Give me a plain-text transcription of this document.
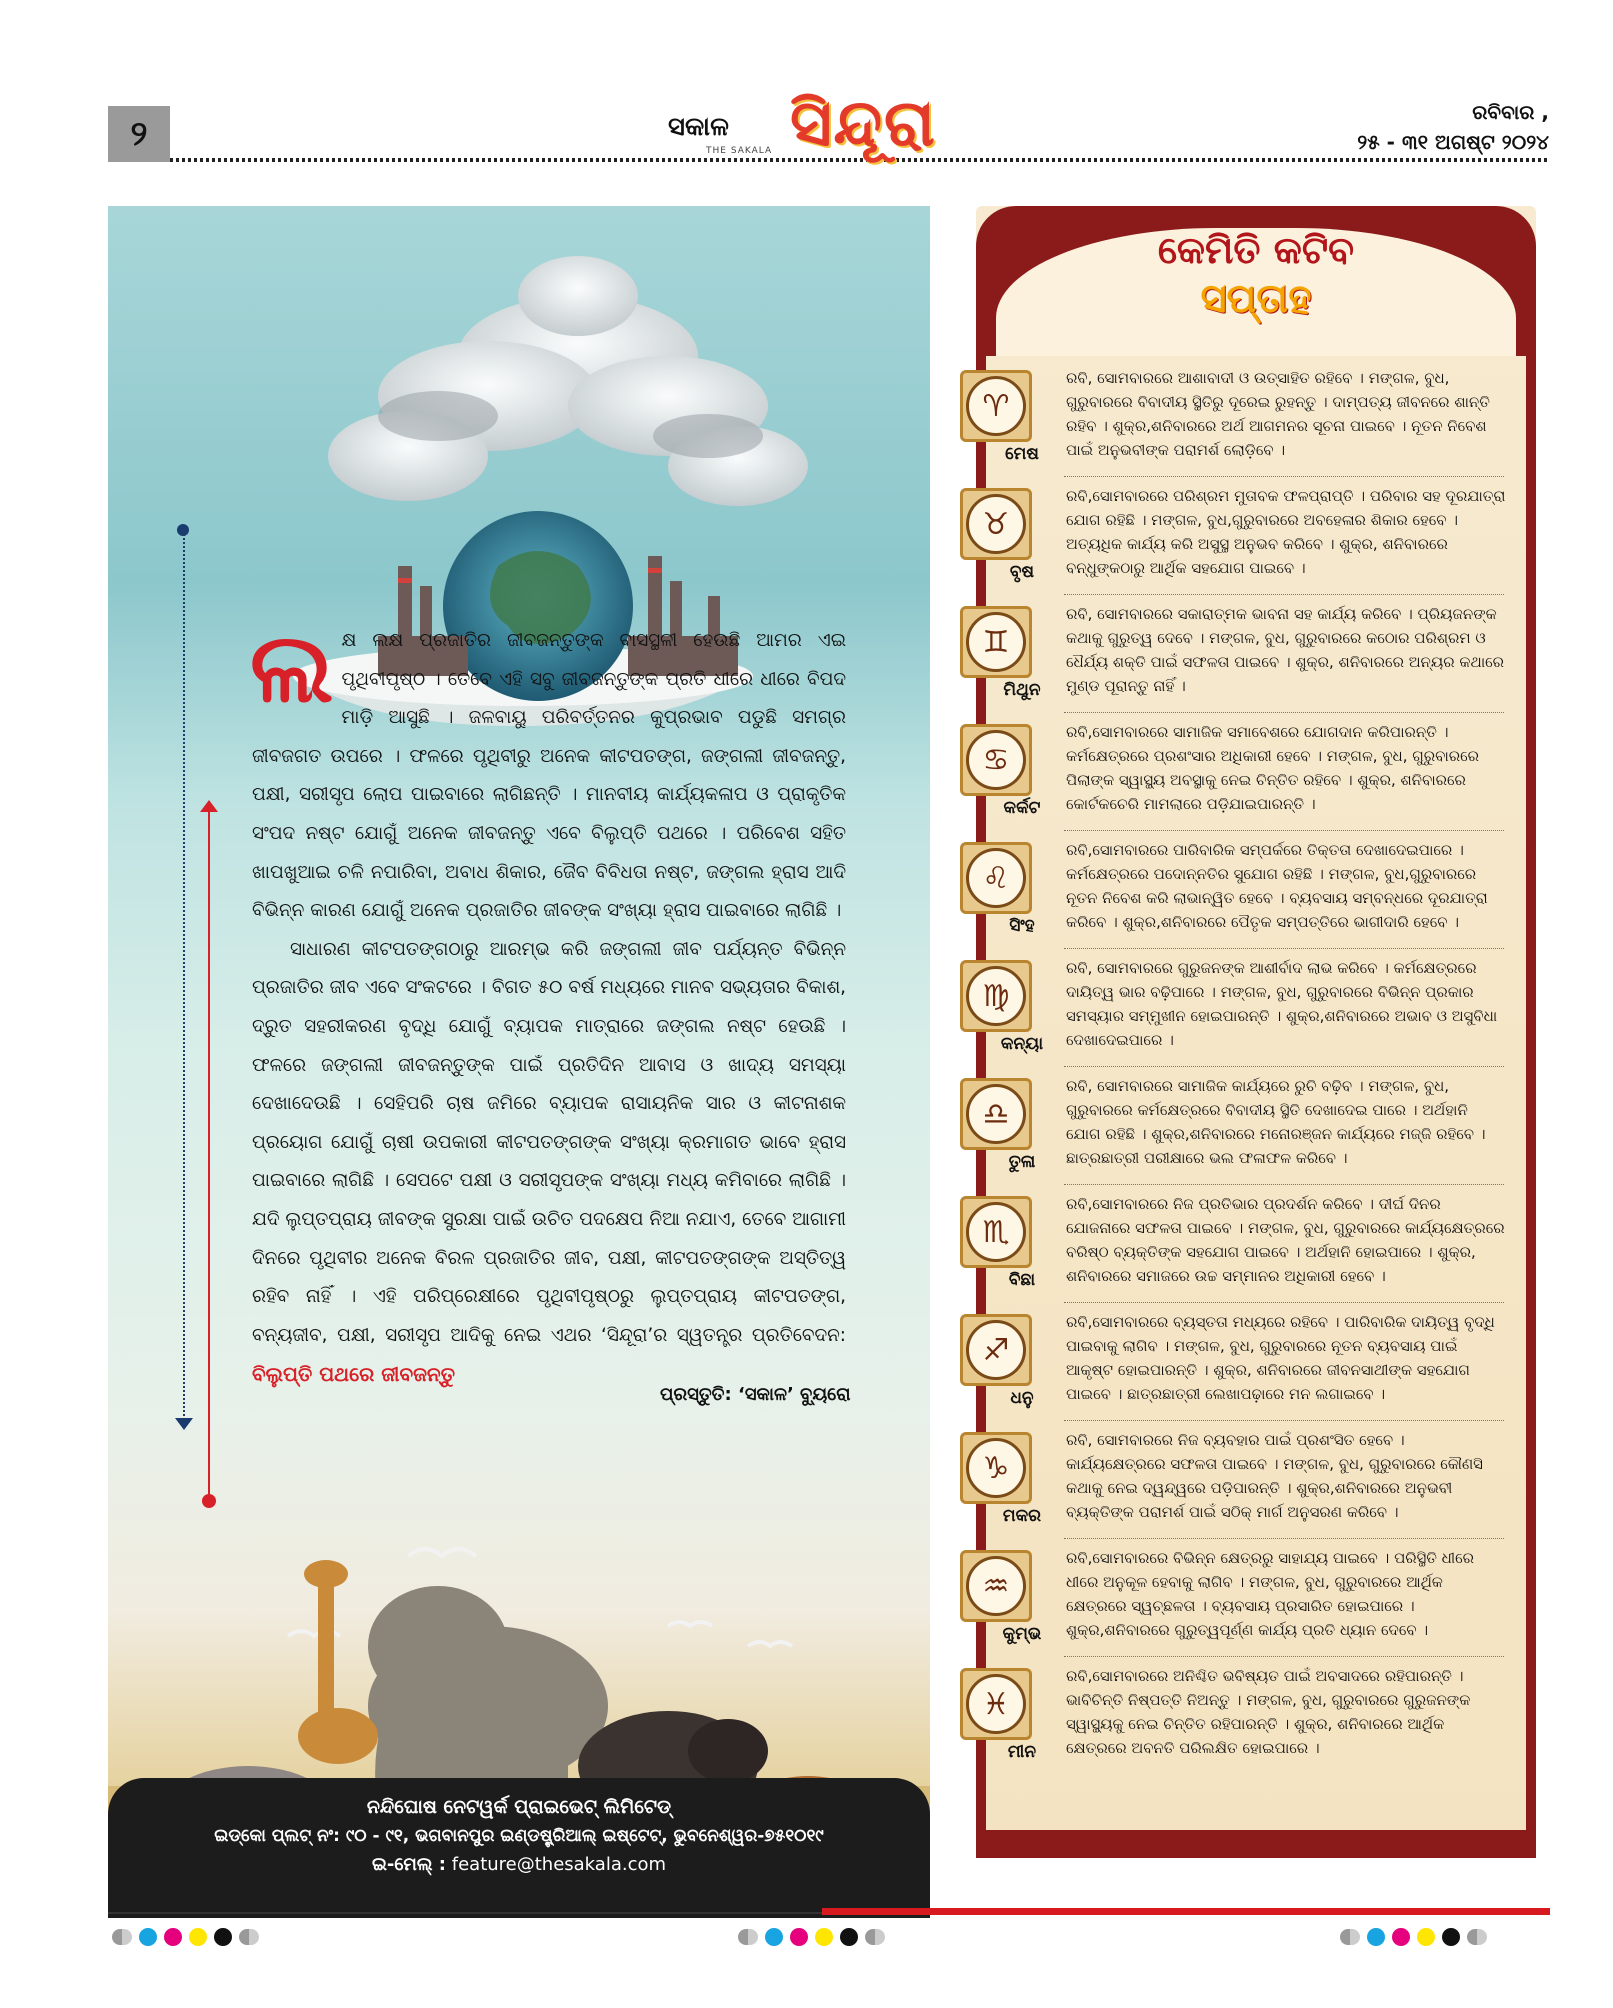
୨	ସକାଳ
THE SAKALA ସିନ୍ଦୂରା	ରବିବାର ,
୨୫ - ୩୧ ଅଗଷ୍ଟ ୨୦୨୪

ଲ କ୍ଷ ଲକ୍ଷ ପ୍ରଜାତିର ଜୀବଜନ୍ତୁଙ୍କ ବାସସ୍ଥଳୀ ହେଉଛି ଆମର ଏଇ ପୃଥିବୀପୃଷ୍ଠ । ତେବେ ଏହି ସବୁ ଜୀବଜନ୍ତୁଙ୍କ ପ୍ରତି ଧୀରେ ଧୀରେ ବିପଦ ମାଡ଼ି ଆସୁଛି । ଜଳବାୟୁ ପରିବର୍ତ୍ତନର କୁପ୍ରଭାବ ପଡୁଛି ସମଗ୍ର ଜୀବଜଗତ ଉପରେ । ଫଳରେ ପୃଥିବୀରୁ ଅନେକ କୀଟପତଙ୍ଗ, ଜଙ୍ଗଲୀ ଜୀବଜନ୍ତୁ, ପକ୍ଷୀ, ସରୀସୃପ ଲୋପ ପାଇବାରେ ଲାଗିଛନ୍ତି । ମାନବୀୟ କାର୍ଯ୍ୟକଳାପ ଓ ପ୍ରାକୃତିକ ସଂପଦ ନଷ୍ଟ ଯୋଗୁଁ ଅନେକ ଜୀବଜନ୍ତୁ ଏବେ ବିଲୁପ୍ତି ପଥରେ । ପରିବେଶ ସହିତ ଖାପଖୁଆଇ ଚଳି ନପାରିବା, ଅବାଧ ଶିକାର, ଜୈବ ବିବିଧତା ନଷ୍ଟ, ଜଙ୍ଗଲ ହ୍ରାସ ଆଦି ବିଭିନ୍ନ କାରଣ ଯୋଗୁଁ ଅନେକ ପ୍ରଜାତିର ଜୀବଙ୍କ ସଂଖ୍ୟା ହ୍ରାସ ପାଇବାରେ ଲାଗିଛି ।

ସାଧାରଣ କୀଟପତଙ୍ଗଠାରୁ ଆରମ୍ଭ କରି ଜଙ୍ଗଲୀ ଜୀବ ପର୍ଯ୍ୟନ୍ତ ବିଭିନ୍ନ ପ୍ରଜାତିର ଜୀବ ଏବେ ସଂକଟରେ । ବିଗତ ୫୦ ବର୍ଷ ମଧ୍ୟରେ ମାନବ ସଭ୍ୟତାର ବିକାଶ, ଦ୍ରୁତ ସହରୀକରଣ ବୃଦ୍ଧି ଯୋଗୁଁ ବ୍ୟାପକ ମାତ୍ରାରେ ଜଙ୍ଗଲ ନଷ୍ଟ ହେଉଛି । ଫଳରେ ଜଙ୍ଗଲୀ ଜୀବଜନ୍ତୁଙ୍କ ପାଇଁ ପ୍ରତିଦିନ ଆବାସ ଓ ଖାଦ୍ୟ ସମସ୍ୟା ଦେଖାଦେଉଛି । ସେହିପରି ଚାଷ ଜମିରେ ବ୍ୟାପକ ରାସାୟନିକ ସାର ଓ କୀଟନାଶକ ପ୍ରୟୋଗ ଯୋଗୁଁ ଚାଷୀ ଉପକାରୀ କୀଟପତଙ୍ଗଙ୍କ ସଂଖ୍ୟା କ୍ରମାଗତ ଭାବେ ହ୍ରାସ ପାଇବାରେ ଲାଗିଛି । ସେପଟେ ପକ୍ଷୀ ଓ ସରୀସୃପଙ୍କ ସଂଖ୍ୟା ମଧ୍ୟ କମିବାରେ ଲାଗିଛି । ଯଦି ଲୁପ୍ତପ୍ରାୟ ଜୀବଙ୍କ ସୁରକ୍ଷା ପାଇଁ ଉଚିତ ପଦକ୍ଷେପ ନିଆ ନଯାଏ, ତେବେ ଆଗାମୀ ଦିନରେ ପୃଥିବୀର ଅନେକ ବିରଳ ପ୍ରଜାତିର ଜୀବ, ପକ୍ଷୀ, କୀଟପତଙ୍ଗଙ୍କ ଅସ୍ତିତ୍ୱ ରହିବ ନାହିଁ । ଏହି ପରିପ୍ରେକ୍ଷୀରେ ପୃଥିବୀପୃଷ୍ଠରୁ ଲୁପ୍ତପ୍ରାୟ କୀଟପତଙ୍ଗ, ବନ୍ୟଜୀବ, ପକ୍ଷୀ, ସରୀସୃପ ଆଦିକୁ ନେଇ ଏଥର ‘ସିନ୍ଦୂରା’ର ସ୍ୱତନ୍ତ୍ର ପ୍ରତିବେଦନ: ବିଲୁପ୍ତି ପଥରେ ଜୀବଜନ୍ତୁ

ପ୍ରସ୍ତୁତି: ‘ସକାଳ’ ବ୍ୟୁରୋ
ନନ୍ଦିଘୋଷ ନେଟୱର୍କ ପ୍ରାଇଭେଟ୍ ଲିମିଟେଡ୍
ଇଡ୍‌କୋ ପ୍ଲଟ୍ ନଂ: ୯୦ - ୯୧, ଭଗବାନପୁର ଇଣ୍ଡଷ୍ଟ୍ରିଆଲ୍ ଇଷ୍ଟେଟ୍, ଭୁବନେଶ୍ୱର-୭୫୧୦୧୯
ଇ-ମେଲ୍ : feature@thesakala.com
କେମିତି କଟିବ
ସପ୍ତାହ
♈
ମେଷ
ରବି, ସୋମବାରରେ ଆଶାବାଦୀ ଓ ଉତ୍ସାହିତ ରହିବେ । ମଙ୍ଗଳ, ବୁଧ, ଗୁରୁବାରରେ ବିବାଦୀୟ ସ୍ଥିତିରୁ ଦୂରେଇ ରୁହନ୍ତୁ । ଦାମ୍ପତ୍ୟ ଜୀବନରେ ଶାନ୍ତି ରହିବ । ଶୁକ୍ର,ଶନିବାରରେ ଅର୍ଥ ଆଗମନର ସୂଚନା ପାଇବେ । ନୂତନ ନିବେଶ ପାଇଁ ଅନୁଭବୀଙ୍କ ପରାମର୍ଶ ଲୋଡ଼ିବେ ।
♉
ବୃଷ
ରବି,ସୋମବାରରେ ପରିଶ୍ରମ ମୁତାବକ ଫଳପ୍ରାପ୍ତି । ପରିବାର ସହ ଦୂରଯାତ୍ରା ଯୋଗ ରହିଛି । ମଙ୍ଗଳ, ବୁଧ,ଗୁରୁବାରରେ ଅବହେଳାର ଶିକାର ହେବେ । ଅତ୍ୟଧିକ କାର୍ଯ୍ୟ କରି ଅସୁସ୍ଥ ଅନୁଭବ କରିବେ । ଶୁକ୍ର, ଶନିବାରରେ ବନ୍ଧୁଙ୍କଠାରୁ ଆର୍ଥିକ ସହଯୋଗ ପାଇବେ ।
♊
ମିଥୁନ
ରବି, ସୋମବାରରେ ସକାରାତ୍ମକ ଭାବନା ସହ କାର୍ଯ୍ୟ କରିବେ । ପ୍ରିୟଜନଙ୍କ କଥାକୁ ଗୁରୁତ୍ୱ ଦେବେ । ମଙ୍ଗଳ, ବୁଧ, ଗୁରୁବାରରେ କଠୋର ପରିଶ୍ରମ ଓ ଧୈର୍ଯ୍ୟ ଶକ୍ତି ପାଇଁ ସଫଳତା ପାଇବେ । ଶୁକ୍ର, ଶନିବାରରେ ଅନ୍ୟର କଥାରେ ମୁଣ୍ଡ ପୂରାନ୍ତୁ ନାହିଁ ।
♋
କର୍କଟ
ରବି,ସୋମବାରରେ ସାମାଜିକ ସମାବେଶରେ ଯୋଗଦାନ କରିପାରନ୍ତି । କର୍ମକ୍ଷେତ୍ରରେ ପ୍ରଶଂସାର ଅଧିକାରୀ ହେବେ । ମଙ୍ଗଳ, ବୁଧ, ଗୁରୁବାରରେ ପିଲାଙ୍କ ସ୍ୱାସ୍ଥ୍ୟ ଅବସ୍ଥାକୁ ନେଇ ଚିନ୍ତିତ ରହିବେ । ଶୁକ୍ର, ଶନିବାରରେ କୋର୍ଟକଚେରି ମାମଲାରେ ପଡ଼ିଯାଇପାରନ୍ତି ।
♌
ସିଂହ
ରବି,ସୋମବାରରେ ପାରିବାରିକ ସମ୍ପର୍କରେ ତିକ୍ତତା ଦେଖାଦେଇପାରେ । କର୍ମକ୍ଷେତ୍ରରେ ପଦୋନ୍ନତିର ସୁଯୋଗ ରହିଛି । ମଙ୍ଗଳ, ବୁଧ,ଗୁରୁବାରରେ ନୂତନ ନିବେଶ କରି ଲାଭାନ୍ୱିତ ହେବେ । ବ୍ୟବସାୟ ସମ୍ବନ୍ଧରେ ଦୂରଯାତ୍ରା କରିବେ । ଶୁକ୍ର,ଶନିବାରରେ ପୈତୃକ ସମ୍ପତ୍ତିରେ ଭାଗୀଦାରି ହେବେ ।
♍
କନ୍ୟା
ରବି, ସୋମବାରରେ ଗୁରୁଜନଙ୍କ ଆଶୀର୍ବାଦ ଲାଭ କରିବେ । କର୍ମକ୍ଷେତ୍ରରେ ଦାୟିତ୍ୱ ଭାର ବଢ଼ିପାରେ । ମଙ୍ଗଳ, ବୁଧ, ଗୁରୁବାରରେ ବିଭିନ୍ନ ପ୍ରକାର ସମସ୍ୟାର ସମ୍ମୁଖୀନ ହୋଇପାରନ୍ତି । ଶୁକ୍ର,ଶନିବାରରେ ଅଭାବ ଓ ଅସୁବିଧା ଦେଖାଦେଇପାରେ ।
♎
ତୁଳା
ରବି, ସୋମବାରରେ ସାମାଜିକ କାର୍ଯ୍ୟରେ ରୁଚି ବଢ଼ିବ । ମଙ୍ଗଳ, ବୁଧ, ଗୁରୁବାରରେ କର୍ମକ୍ଷେତ୍ରରେ ବିବାଦୀୟ ସ୍ଥିତି ଦେଖାଦେଇ ପାରେ । ଅର୍ଥହାନି ଯୋଗ ରହିଛି । ଶୁକ୍ର,ଶନିବାରରେ ମନୋରଞ୍ଜନ କାର୍ଯ୍ୟରେ ମଜ୍ଜି ରହିବେ । ଛାତ୍ରଛାତ୍ରୀ ପରୀକ୍ଷାରେ ଭଲ ଫଳାଫଳ କରିବେ ।
♏
ବିଛା
ରବି,ସୋମବାରରେ ନିଜ ପ୍ରତିଭାର ପ୍ରଦର୍ଶନ କରିବେ । ଦୀର୍ଘ ଦିନର ଯୋଜନାରେ ସଫଳତା ପାଇବେ । ମଙ୍ଗଳ, ବୁଧ, ଗୁରୁବାରରେ କାର୍ଯ୍ୟକ୍ଷେତ୍ରରେ ବରିଷ୍ଠ ବ୍ୟକ୍ତିଙ୍କ ସହଯୋଗ ପାଇବେ । ଅର୍ଥହାନି ହୋଇପାରେ । ଶୁକ୍ର, ଶନିବାରରେ ସମାଜରେ ଉଚ୍ଚ ସମ୍ମାନର ଅଧିକାରୀ ହେବେ ।
♐
ଧନୁ
ରବି,ସୋମବାରରେ ବ୍ୟସ୍ତତା ମଧ୍ୟରେ ରହିବେ । ପାରିବାରିକ ଦାୟିତ୍ୱ ବୃଦ୍ଧି ପାଇବାକୁ ଲାଗିବ । ମଙ୍ଗଳ, ବୁଧ, ଗୁରୁବାରରେ ନୂତନ ବ୍ୟବସାୟ ପାଇଁ ଆକୃଷ୍ଟ ହୋଇପାରନ୍ତି । ଶୁକ୍ର, ଶନିବାରରେ ଜୀବନସାଥୀଙ୍କ ସହଯୋଗ ପାଇବେ । ଛାତ୍ରଛାତ୍ରୀ ଲେଖାପଢ଼ାରେ ମନ ଲଗାଇବେ ।
♑
ମକର
ରବି, ସୋମବାରରେ ନିଜ ବ୍ୟବହାର ପାଇଁ ପ୍ରଶଂସିତ ହେବେ । କାର୍ଯ୍ୟକ୍ଷେତ୍ରରେ ସଫଳତା ପାଇବେ । ମଙ୍ଗଳ, ବୁଧ, ଗୁରୁବାରରେ କୌଣସି କଥାକୁ ନେଇ ଦ୍ୱନ୍ଦ୍ୱରେ ପଡ଼ିପାରନ୍ତି । ଶୁକ୍ର,ଶନିବାରରେ ଅନୁଭବୀ ବ୍ୟକ୍ତିଙ୍କ ପରାମର୍ଶ ପାଇଁ ସଠିକ୍ ମାର୍ଗ ଅନୁସରଣ କରିବେ ।
♒
କୁମ୍ଭ
ରବି,ସୋମବାରରେ ବିଭିନ୍ନ କ୍ଷେତ୍ରରୁ ସାହାଯ୍ୟ ପାଇବେ । ପରିସ୍ଥିତି ଧୀରେ ଧୀରେ ଅନୁକୂଳ ହେବାକୁ ଲାଗିବ । ମଙ୍ଗଳ, ବୁଧ, ଗୁରୁବାରରେ ଆର୍ଥିକ କ୍ଷେତ୍ରରେ ସ୍ୱଚ୍ଛଳତା । ବ୍ୟବସାୟ ପ୍ରସାରିତ ହୋଇପାରେ । ଶୁକ୍ର,ଶନିବାରରେ ଗୁରୁତ୍ୱପୂର୍ଣ୍ଣ କାର୍ଯ୍ୟ ପ୍ରତି ଧ୍ୟାନ ଦେବେ ।
♓
ମୀନ
ରବି,ସୋମବାରରେ ଅନିଶ୍ଚିତ ଭବିଷ୍ୟତ ପାଇଁ ଅବସାଦରେ ରହିପାରନ୍ତି । ଭାବିଚିନ୍ତି ନିଷ୍ପତ୍ତି ନିଅନ୍ତୁ । ମଙ୍ଗଳ, ବୁଧ, ଗୁରୁବାରରେ ଗୁରୁଜନଙ୍କ ସ୍ୱାସ୍ଥ୍ୟକୁ ନେଇ ଚିନ୍ତିତ ରହିପାରନ୍ତି । ଶୁକ୍ର, ଶନିବାରରେ ଆର୍ଥିକ କ୍ଷେତ୍ରରେ ଅବନତି ପରିଲକ୍ଷିତ ହୋଇପାରେ ।
